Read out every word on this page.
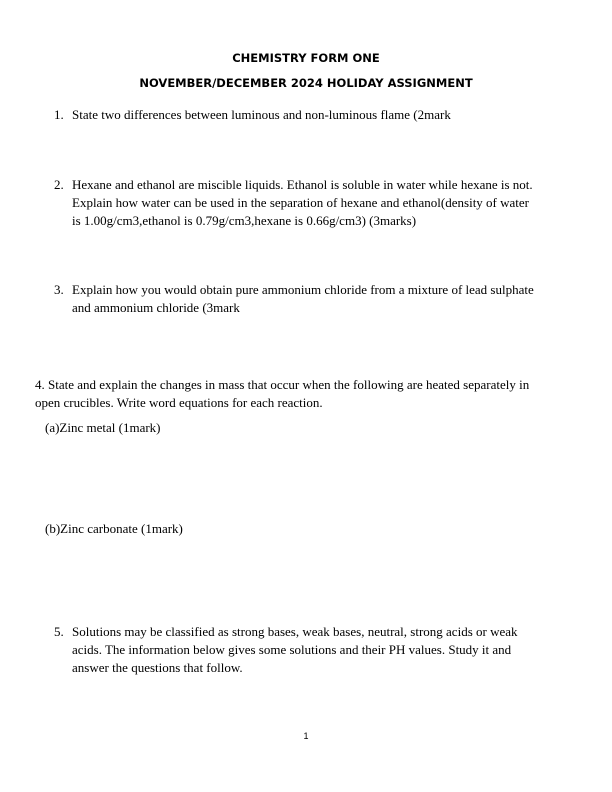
CHEMISTRY FORM ONE
NOVEMBER/DECEMBER 2024 HOLIDAY ASSIGNMENT
1. State two differences between luminous and non-luminous flame (2mark
2. Hexane and ethanol are miscible liquids. Ethanol is soluble in water while hexane is not.
Explain how water can be used in the separation of hexane and ethanol(density of water
is 1.00g/cm3,ethanol is 0.79g/cm3,hexane is 0.66g/cm3) (3marks)
3. Explain how you would obtain pure ammonium chloride from a mixture of lead sulphate
and ammonium chloride (3mark
4. State and explain the changes in mass that occur when the following are heated separately in
open crucibles. Write word equations for each reaction.
(a)Zinc metal (1mark)
(b)Zinc carbonate (1mark)
5. Solutions may be classified as strong bases, weak bases, neutral, strong acids or weak
acids. The information below gives some solutions and their PH values. Study it and
answer the questions that follow.
1
